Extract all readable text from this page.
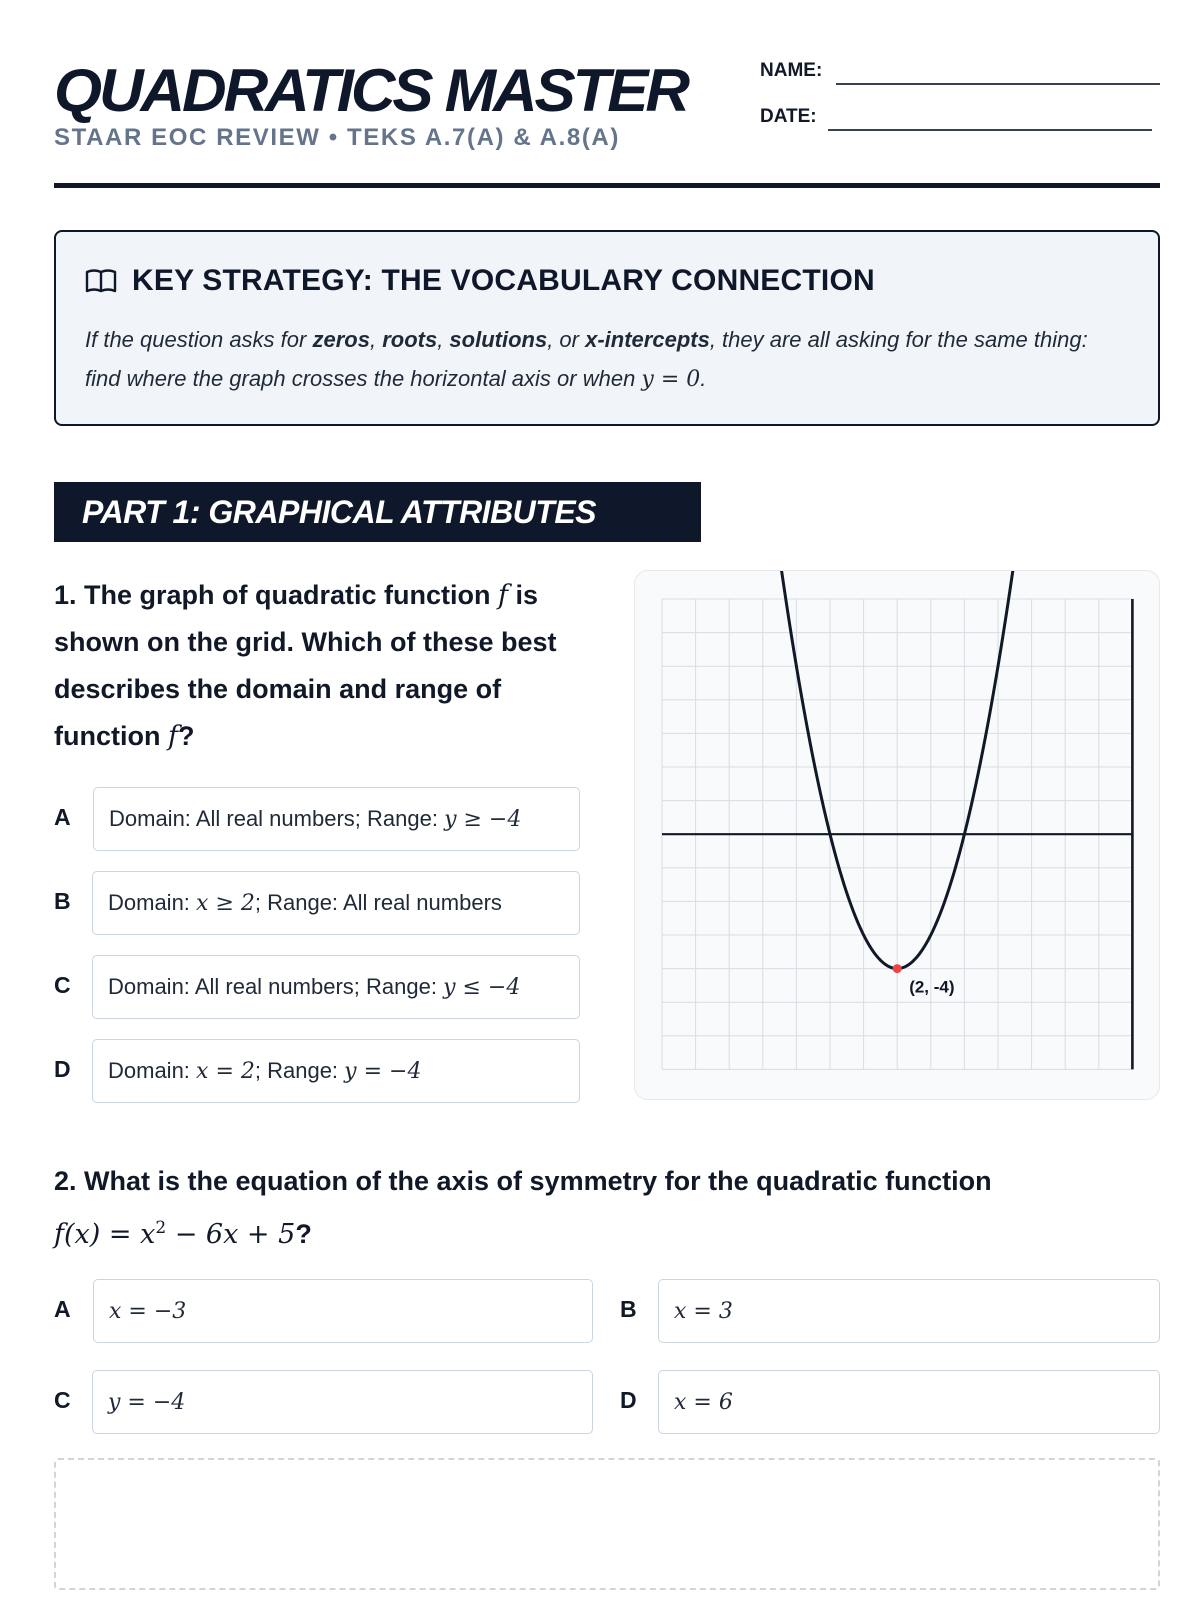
QUADRATICS MASTER
STAAR EOC REVIEW • TEKS A.7(A) & A.8(A)
NAME:
DATE:
KEY STRATEGY: THE VOCABULARY CONNECTION
If the question asks for zeros, roots, solutions, or x-intercepts, they are all asking for the same thing: find where the graph crosses the horizontal axis or when y = 0.
PART 1: GRAPHICAL ATTRIBUTES
1. The graph of quadratic function f is shown on the grid. Which of these best describes the domain and range of function f?
A Domain: All real numbers; Range:
y ≥ −4
B Domain:
x ≥ 2 ; Range: All real numbers
C Domain: All real numbers; Range:
y ≤ −4
D Domain:
x = 2 ; Range:
y = −4
(2, -4)
2. What is the equation of the axis of symmetry for the quadratic function
$f(x) = x^2 - 6x + 5$?
A x = −3	B x = 3
C y = −4	D x = 6
